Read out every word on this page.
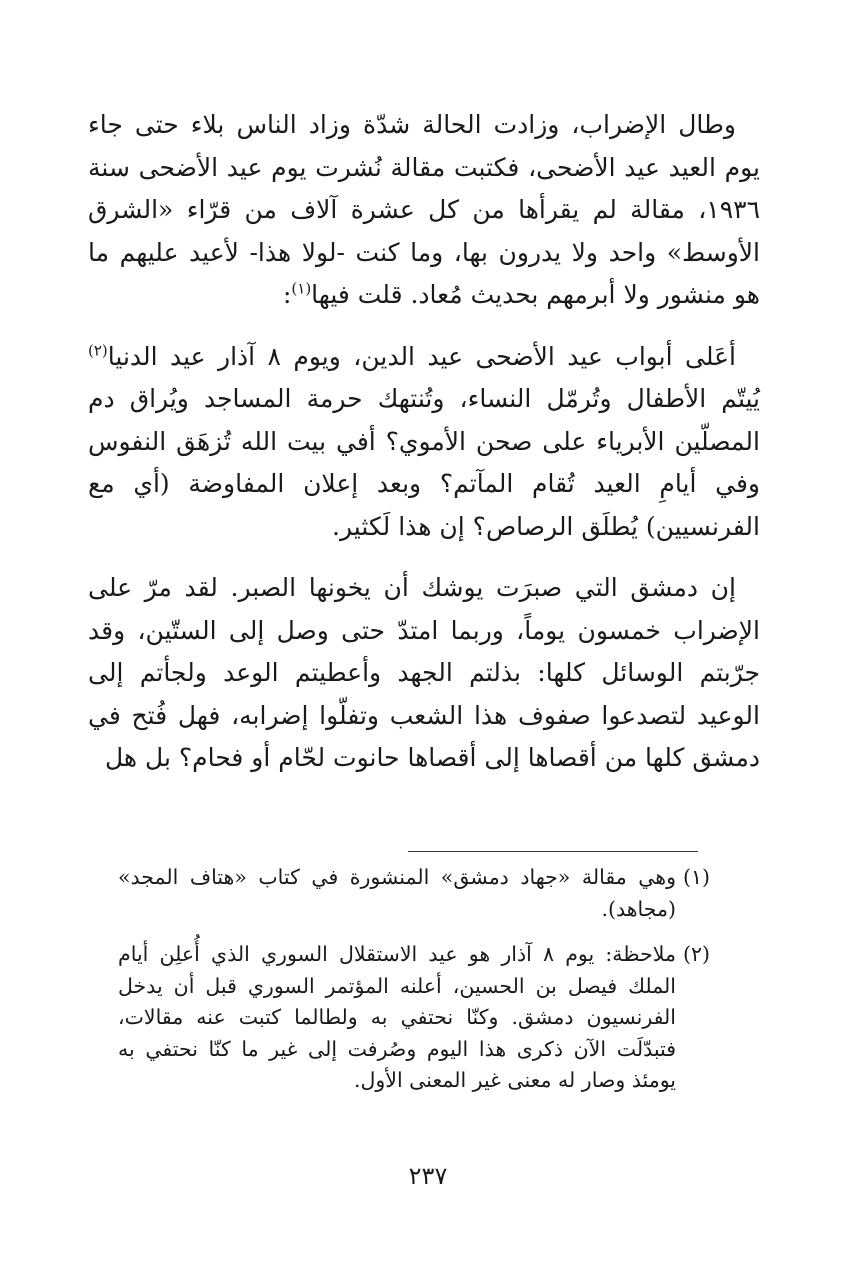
وطال الإضراب، وزادت الحالة شدّة وزاد الناس بلاء حتى جاء يوم العيد عيد الأضحى، فكتبت مقالة نُشرت يوم عيد الأضحى سنة ١٩٣٦، مقالة لم يقرأها من كل عشرة آلاف من قرّاء «الشرق الأوسط» واحد ولا يدرون بها، وما كنت -لولا هذا- لأعيد عليهم ما هو منشور ولا أبرمهم بحديث مُعاد. قلت فيها$^{(١)}$:

أعَلى أبواب عيد الأضحى عيد الدين، ويوم ٨ آذار عيد الدنيا$^{(٢)}$ يُيتّم الأطفال وتُرمّل النساء، وتُنتهك حرمة المساجد ويُراق دم المصلّين الأبرياء على صحن الأموي؟ أفي بيت الله تُزهَق النفوس وفي أيامِ العيد تُقام المآتم؟ وبعد إعلان المفاوضة (أي مع الفرنسيين) يُطلَق الرصاص؟ إن هذا لَكثير.

إن دمشق التي صبرَت يوشك أن يخونها الصبر. لقد مرّ على الإضراب خمسون يوماً، وربما امتدّ حتى وصل إلى الستّين، وقد جرّبتم الوسائل كلها: بذلتم الجهد وأعطيتم الوعد ولجأتم إلى الوعيد لتصدعوا صفوف هذا الشعب وتفلّوا إضرابه، فهل فُتح في دمشق كلها من أقصاها إلى أقصاها حانوت لحّام أو فحام؟ بل هل

(١)
وهي مقالة «جهاد دمشق» المنشورة في كتاب «هتاف المجد» (مجاهد).

(٢)
ملاحظة: يوم ٨ آذار هو عيد الاستقلال السوري الذي أُعلِن أيام الملك فيصل بن الحسين، أعلنه المؤتمر السوري قبل أن يدخل الفرنسيون دمشق. وكنّا نحتفي به ولطالما كتبت عنه مقالات، فتبدّلَت الآن ذكرى هذا اليوم وصُرفت إلى غير ما كنّا نحتفي به يومئذ وصار له معنى غير المعنى الأول.

٢٣٧
